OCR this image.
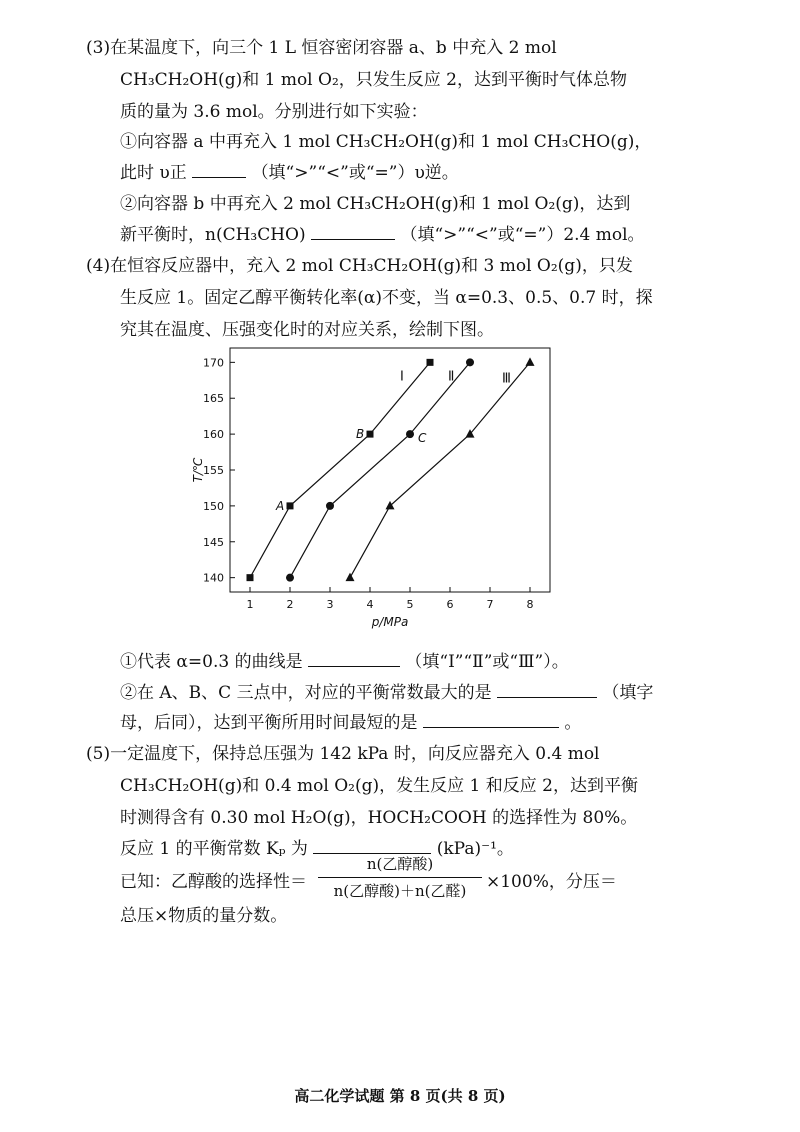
(3)在某温度下，向三个 1 L 恒容密闭容器 a、b 中充入 2 mol
CH₃CH₂OH(g)和 1 mol O₂，只发生反应 2，达到平衡时气体总物
质的量为 3.6 mol。分别进行如下实验：
①向容器 a 中再充入 1 mol CH₃CH₂OH(g)和 1 mol CH₃CHO(g)，
此时 υ正	（填“>”“<”或“=”）υ逆。
②向容器 b 中再充入 2 mol CH₃CH₂OH(g)和 1 mol O₂(g)，达到
新平衡时，n(CH₃CHO)	（填“>”“<”或“=”）2.4 mol。
(4)在恒容反应器中，充入 2 mol CH₃CH₂OH(g)和 3 mol O₂(g)，只发
生反应 1。固定乙醇平衡转化率(α)不变，当 α=0.3、0.5、0.7 时，探
究其在温度、压强变化时的对应关系，绘制下图。
1	2	3	4	5	6	7	8
140
145
150
155
160
165
170
p/MPa
T/℃
Ⅰ	Ⅱ	Ⅲ
A
B	C
①代表 α=0.3 的曲线是	（填“Ⅰ”“Ⅱ”或“Ⅲ”）。
②在 A、B、C 三点中，对应的平衡常数最大的是	（填字
母，后同），达到平衡所用时间最短的是	。
(5)一定温度下，保持总压强为 142 kPa 时，向反应器充入 0.4 mol
CH₃CH₂OH(g)和 0.4 mol O₂(g)，发生反应 1 和反应 2，达到平衡
时测得含有 0.30 mol H₂O(g)，HOCH₂COOH 的选择性为 80%。
反应 1 的平衡常数 Kₚ 为	(kPa)⁻¹。
已知：乙醇酸的选择性＝
n(乙醇酸)
n(乙醇酸)＋n(乙醛)	×100%，分压＝
总压×物质的量分数。
高二化学试题 第 8 页(共 8 页)
